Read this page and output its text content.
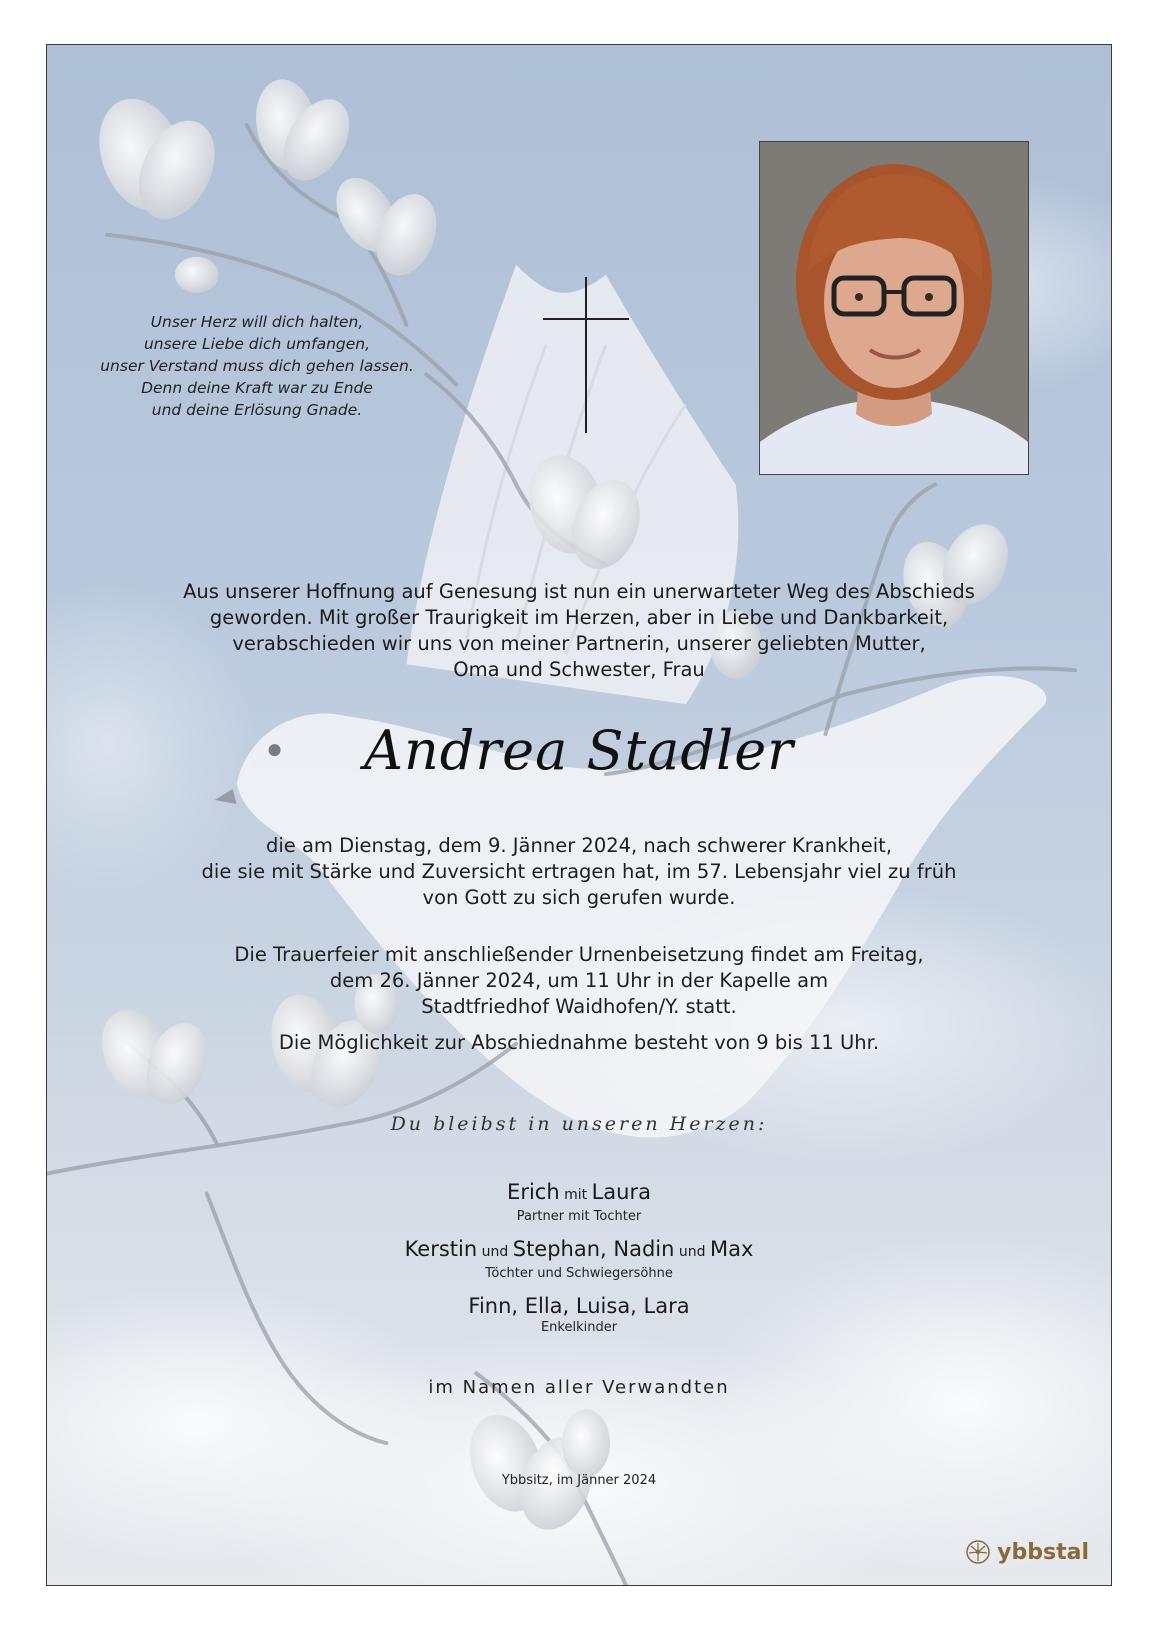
Unser Herz will dich halten,
unsere Liebe dich umfangen,
unser Verstand muss dich gehen lassen.
Denn deine Kraft war zu Ende
und deine Erlösung Gnade.
Aus unserer Hoffnung auf Genesung ist nun ein unerwarteter Weg des Abschieds
geworden. Mit großer Traurigkeit im Herzen, aber in Liebe und Dankbarkeit,
verabschieden wir uns von meiner Partnerin, unserer geliebten Mutter,
Oma und Schwester, Frau
Andrea Stadler
die am Dienstag, dem 9. Jänner 2024, nach schwerer Krankheit,
die sie mit Stärke und Zuversicht ertragen hat, im 57. Lebensjahr viel zu früh
von Gott zu sich gerufen wurde.
Die Trauerfeier mit anschließender Urnenbeisetzung findet am Freitag,
dem 26. Jänner 2024, um 11 Uhr in der Kapelle am
Stadtfriedhof Waidhofen/Y. statt.
Die Möglichkeit zur Abschiednahme besteht von 9 bis 11 Uhr.
Du bleibst in unseren Herzen:
Erich mit Laura
Partner mit Tochter
Kerstin und Stephan, Nadin und Max
Töchter und Schwiegersöhne
Finn, Ella, Luisa, Lara
Enkelkinder
im Namen aller Verwandten
Ybbsitz, im Jänner 2024
ybbstal
